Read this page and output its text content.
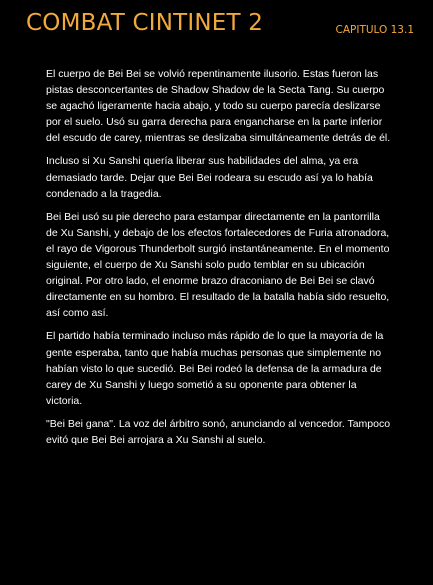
COMBAT CINTINET 2	CAPITULO 13.1

El cuerpo de Bei Bei se volvió repentinamente ilusorio. Estas fueron las pistas desconcertantes de Shadow Shadow de la Secta Tang. Su cuerpo se agachó ligeramente hacia abajo, y todo su cuerpo parecía deslizarse por el suelo. Usó su garra derecha para engancharse en la parte inferior del escudo de carey, mientras se deslizaba simultáneamente detrás de él.

Incluso si Xu Sanshi quería liberar sus habilidades del alma, ya era demasiado tarde. Dejar que Bei Bei rodeara su escudo así ya lo había condenado a la tragedia.

Bei Bei usó su pie derecho para estampar directamente en la pantorrilla de Xu Sanshi, y debajo de los efectos fortalecedores de Furia atronadora, el rayo de Vigorous Thunderbolt surgió instantáneamente. En el momento siguiente, el cuerpo de Xu Sanshi solo pudo temblar en su ubicación original. Por otro lado, el enorme brazo draconiano de Bei Bei se clavó directamente en su hombro. El resultado de la batalla había sido resuelto, así como así.

El partido había terminado incluso más rápido de lo que la mayoría de la gente esperaba, tanto que había muchas personas que simplemente no habían visto lo que sucedió. Bei Bei rodeó la defensa de la armadura de carey de Xu Sanshi y luego sometió a su oponente para obtener la victoria.

"Bei Bei gana". La voz del árbitro sonó, anunciando al vencedor. Tampoco evitó que Bei Bei arrojara a Xu Sanshi al suelo.
